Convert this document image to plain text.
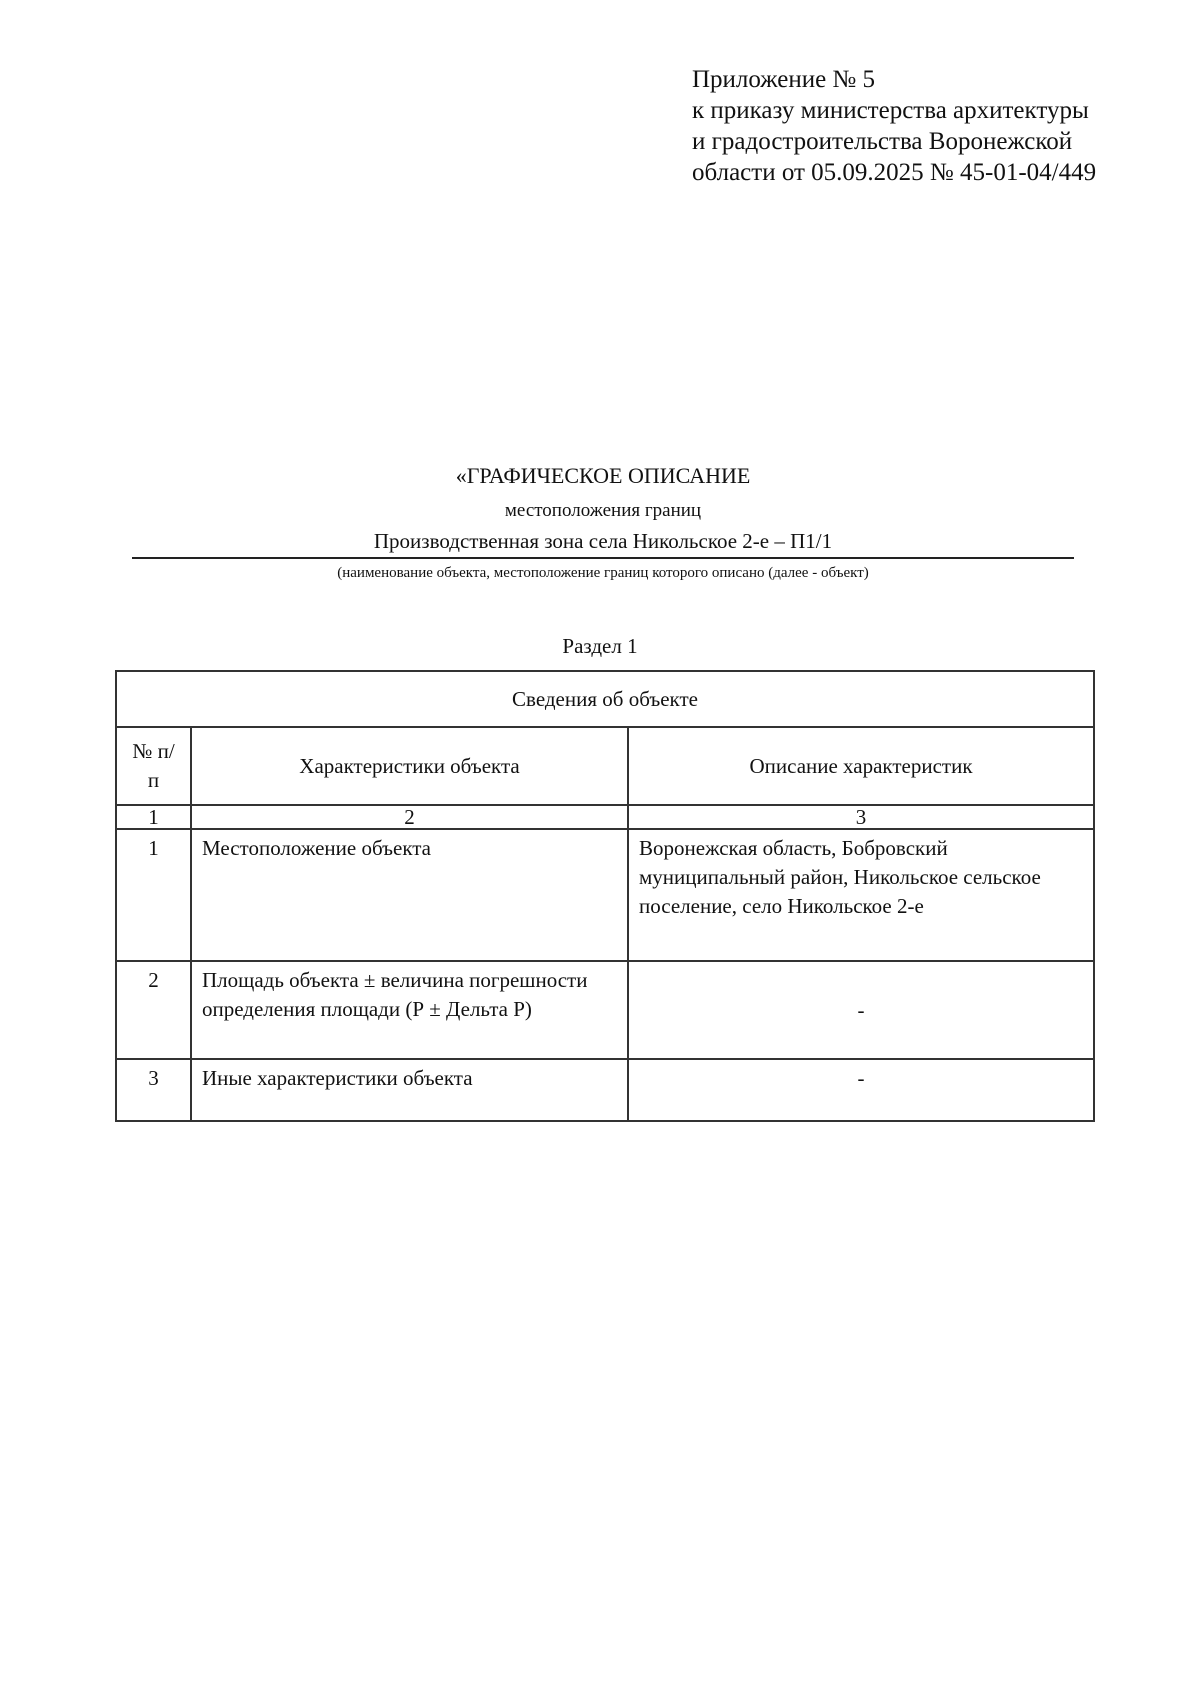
Приложение № 5
к приказу министерства архитектуры
и градостроительства Воронежской
области от 05.09.2025 № 45-01-04/449
«ГРАФИЧЕСКОЕ ОПИСАНИЕ
местоположения границ
Производственная зона села Никольское 2-е – П1/1
(наименование объекта, местоположение границ которого описано (далее - объект)
Раздел 1
Сведения об объекте		
№ п/п	Характеристики объекта	Описание характеристик
1	2	3
1	Местоположение объекта	Воронежская область, Бобровский муниципальный район, Никольское сельское поселение, село Никольское 2-е
2	Площадь объекта ± величина погрешности определения площади (Р ± Дельта Р)	-
3	Иные характеристики объекта	-
